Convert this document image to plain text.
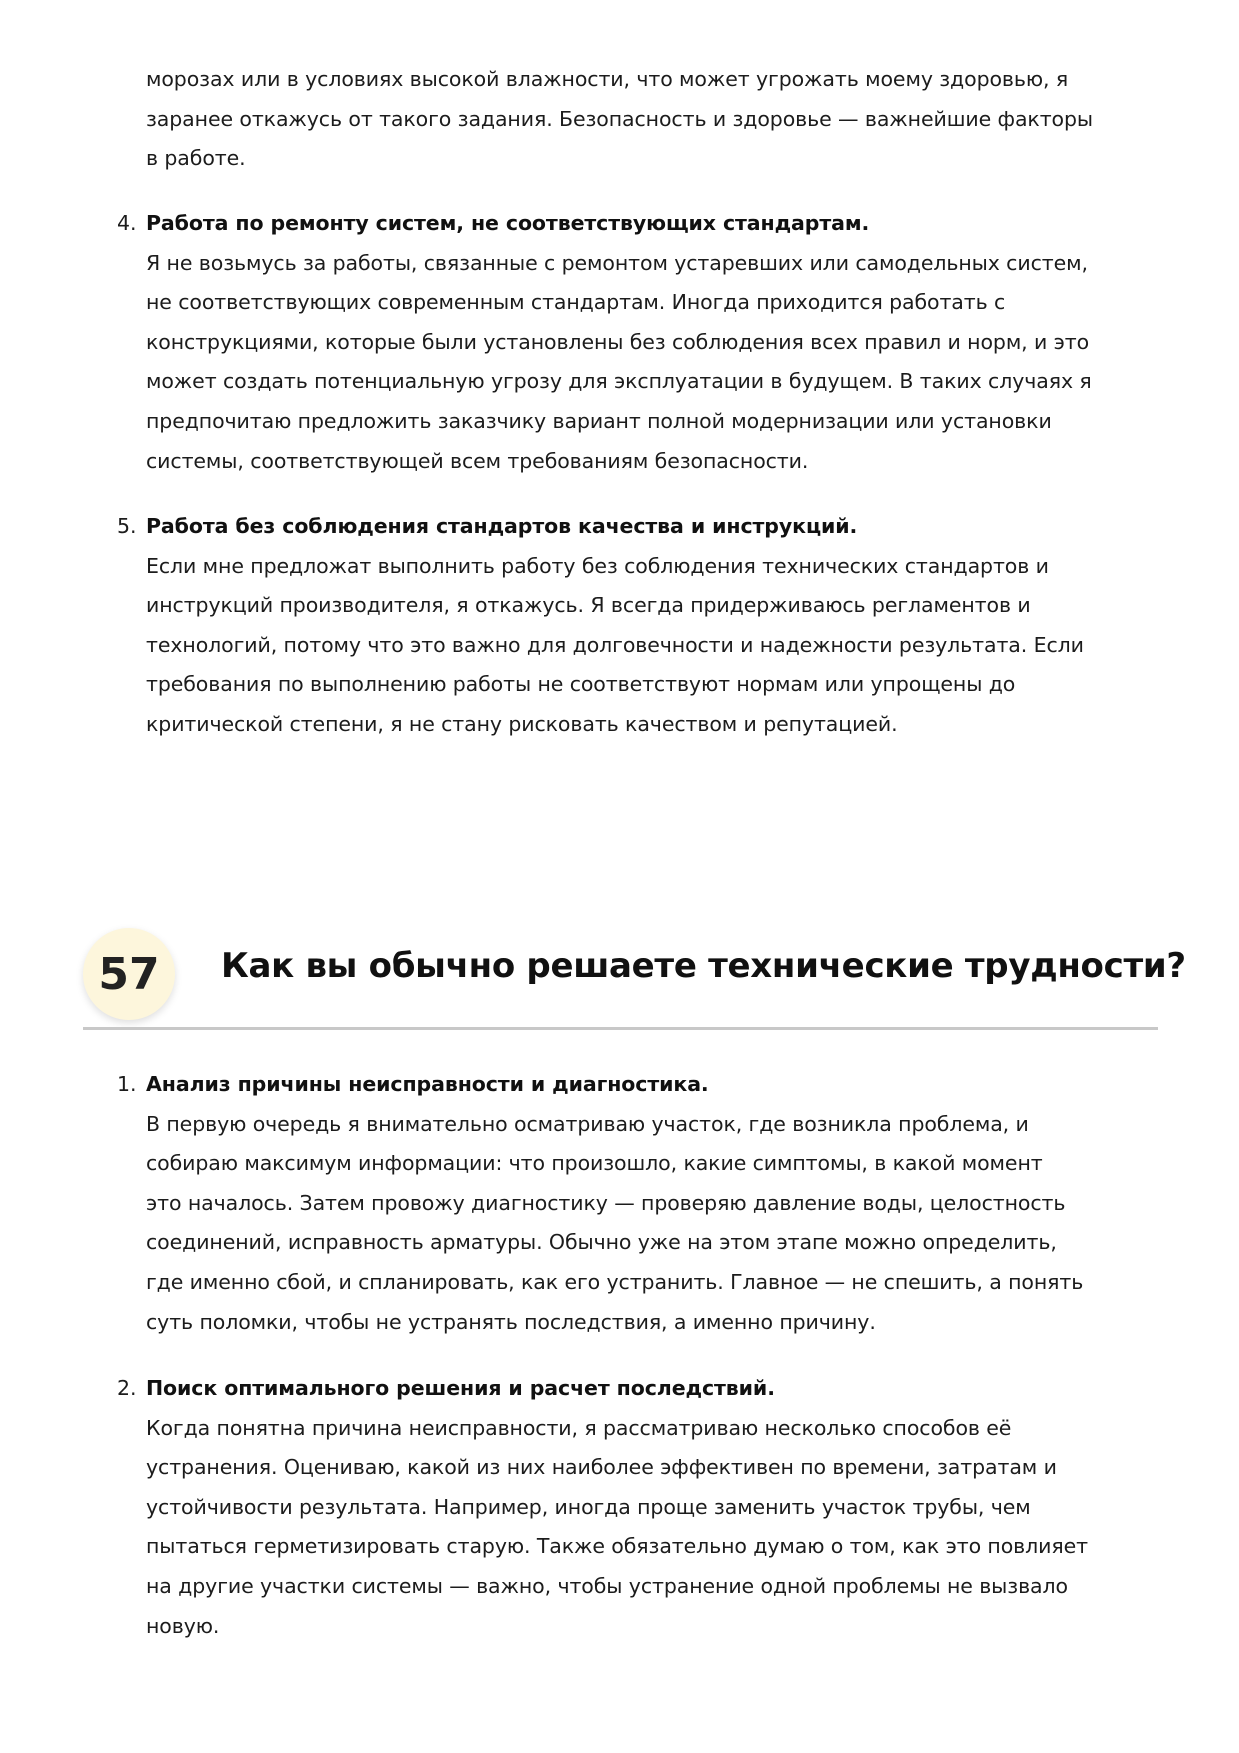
морозах или в условиях высокой влажности, что может угрожать моему здоровью, я
заранее откажусь от такого задания. Безопасность и здоровье — важнейшие факторы
в работе.
4. Работа по ремонту систем, не соответствующих стандартам.
Я не возьмусь за работы, связанные с ремонтом устаревших или самодельных систем,
не соответствующих современным стандартам. Иногда приходится работать с
конструкциями, которые были установлены без соблюдения всех правил и норм, и это
может создать потенциальную угрозу для эксплуатации в будущем. В таких случаях я
предпочитаю предложить заказчику вариант полной модернизации или установки
системы, соответствующей всем требованиям безопасности.
5. Работа без соблюдения стандартов качества и инструкций.
Если мне предложат выполнить работу без соблюдения технических стандартов и
инструкций производителя, я откажусь. Я всегда придерживаюсь регламентов и
технологий, потому что это важно для долговечности и надежности результата. Если
требования по выполнению работы не соответствуют нормам или упрощены до
критической степени, я не стану рисковать качеством и репутацией.
57	Как вы обычно решаете технические трудности?
1. Анализ причины неисправности и диагностика.
В первую очередь я внимательно осматриваю участок, где возникла проблема, и
собираю максимум информации: что произошло, какие симптомы, в какой момент
это началось. Затем провожу диагностику — проверяю давление воды, целостность
соединений, исправность арматуры. Обычно уже на этом этапе можно определить,
где именно сбой, и спланировать, как его устранить. Главное — не спешить, а понять
суть поломки, чтобы не устранять последствия, а именно причину.
2. Поиск оптимального решения и расчет последствий.
Когда понятна причина неисправности, я рассматриваю несколько способов её
устранения. Оцениваю, какой из них наиболее эффективен по времени, затратам и
устойчивости результата. Например, иногда проще заменить участок трубы, чем
пытаться герметизировать старую. Также обязательно думаю о том, как это повлияет
на другие участки системы — важно, чтобы устранение одной проблемы не вызвало
новую.
